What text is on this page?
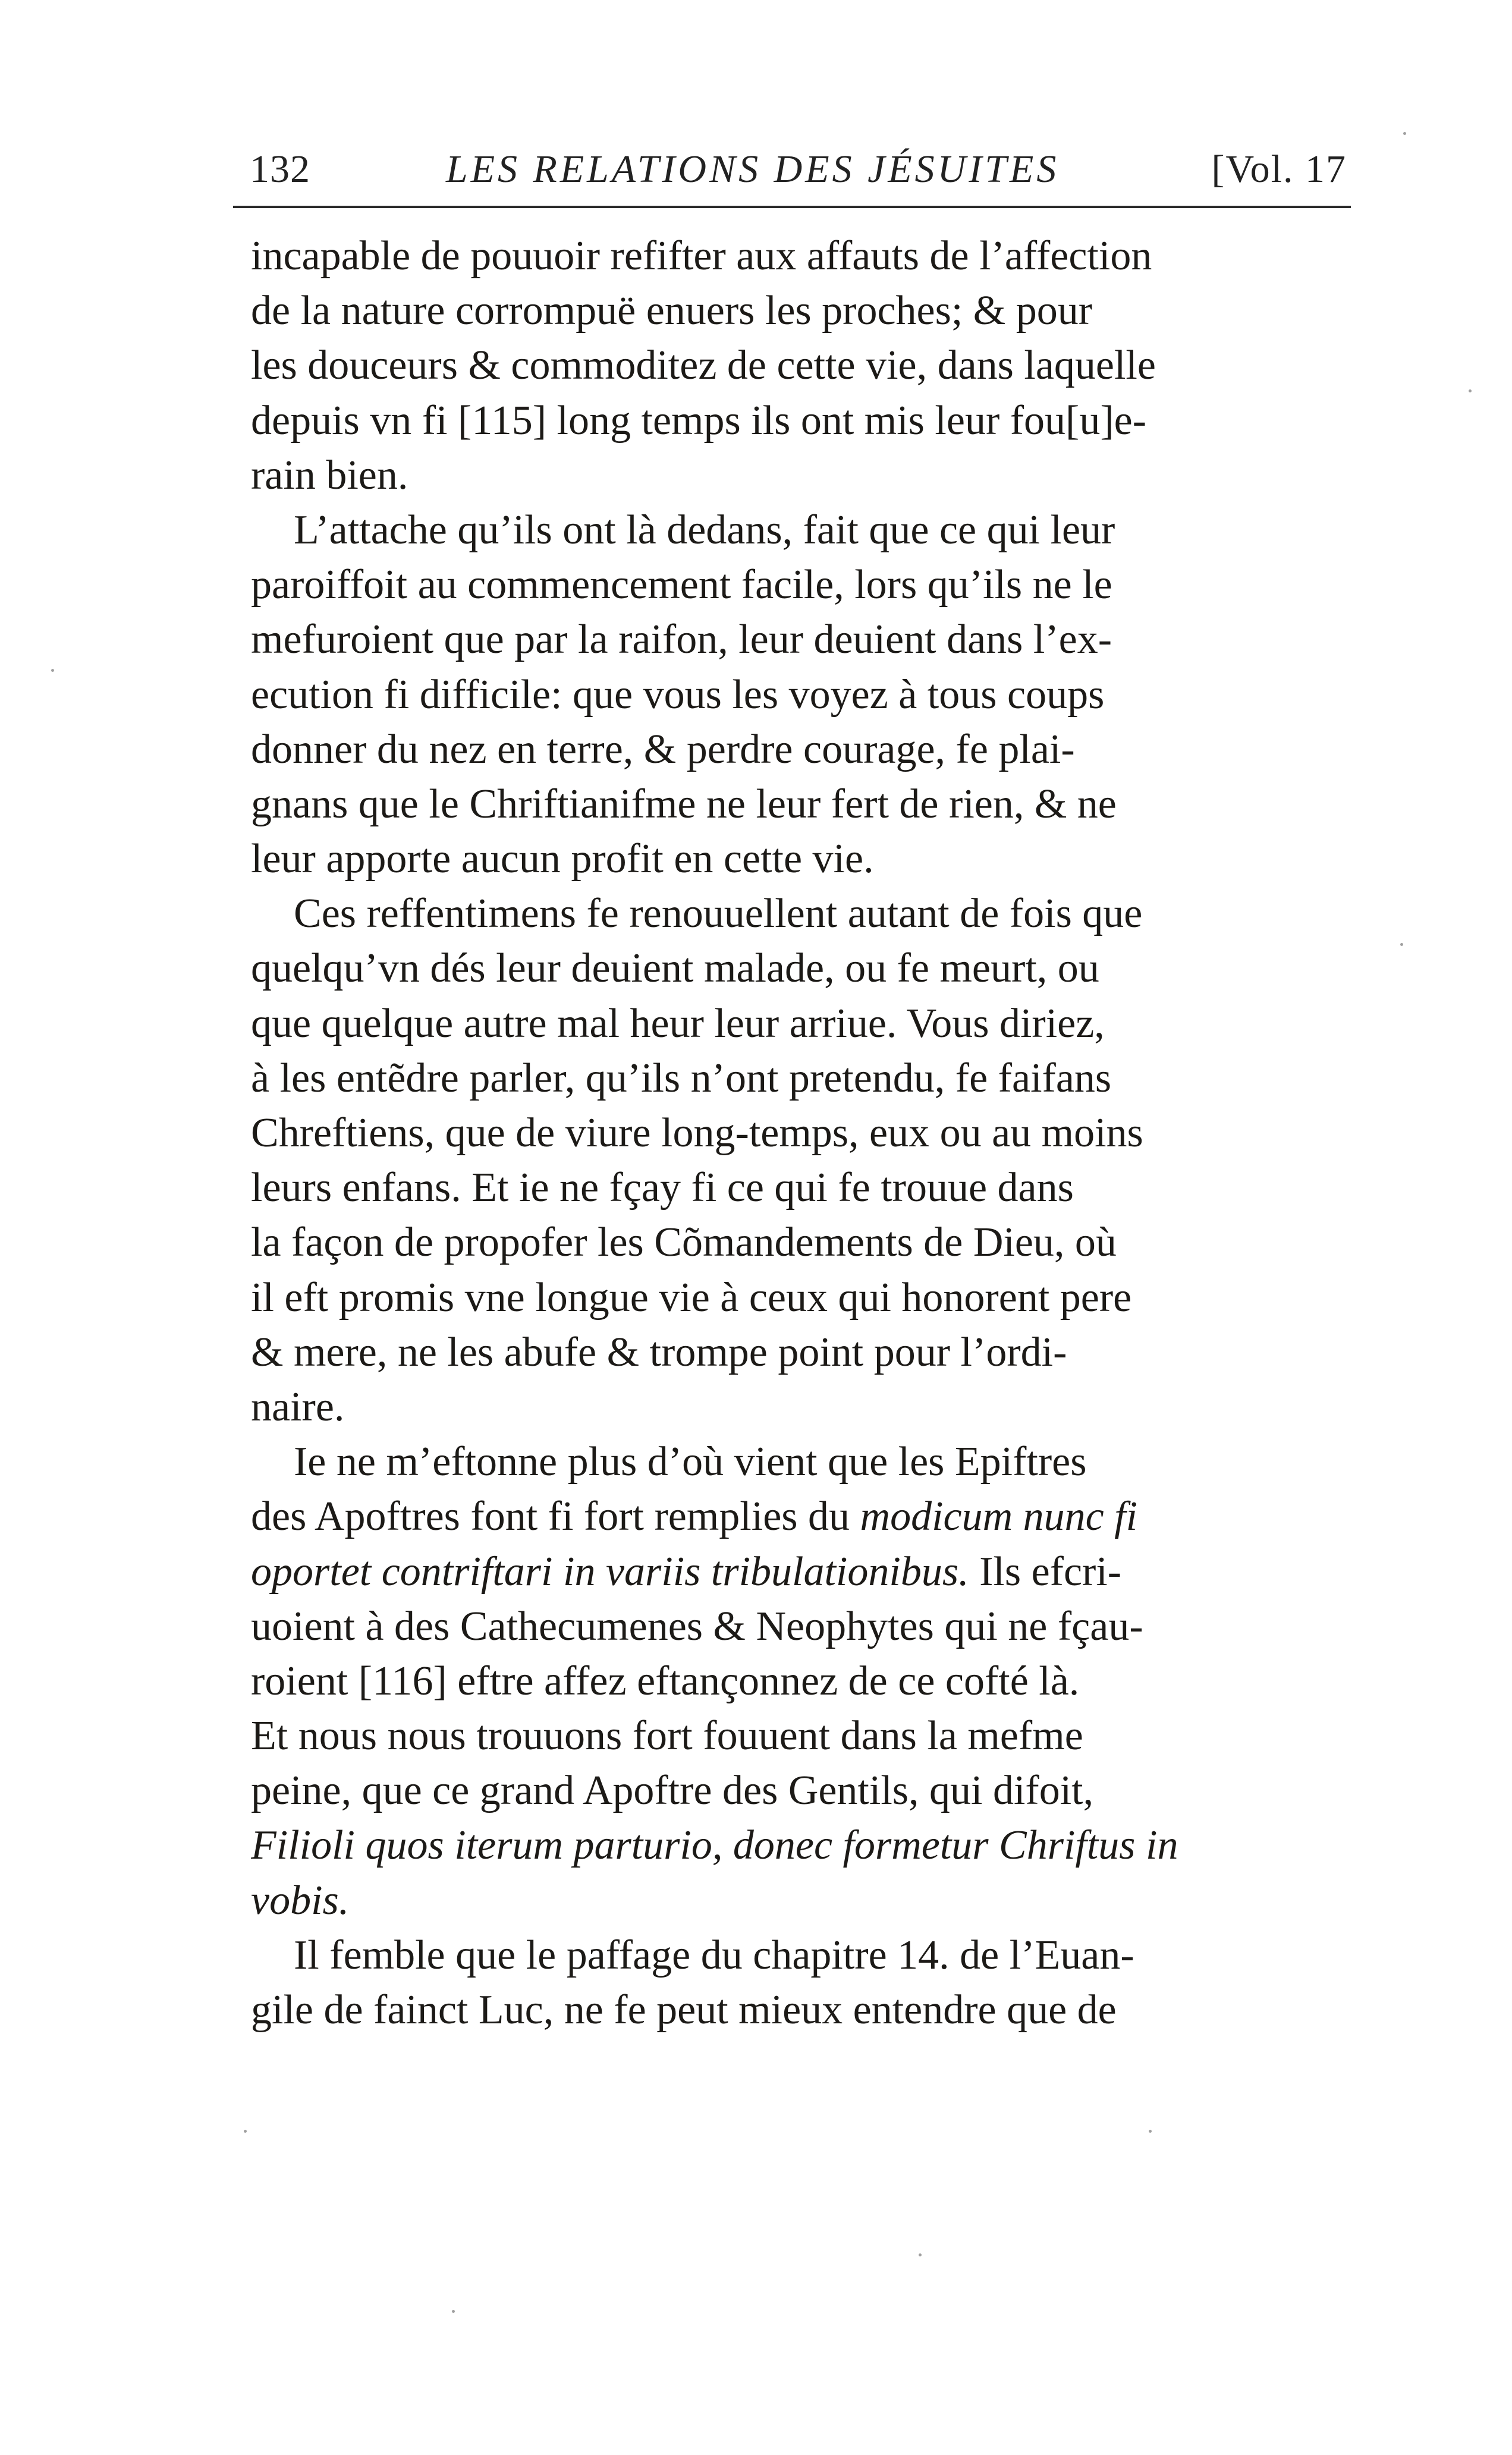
132	LES RELATIONS DES JÉSUITES	[Vol. 17
incapable de pouuoir refifter aux affauts de l’affection
de la nature corrompuë enuers les proches; & pour
les douceurs & commoditez de cette vie, dans laquelle
depuis vn fi [115] long temps ils ont mis leur fou[u]e-
rain bien.
L’attache qu’ils ont là dedans, fait que ce qui leur
paroiffoit au commencement facile, lors qu’ils ne le
mefuroient que par la raifon, leur deuient dans l’ex-
ecution fi difficile: que vous les voyez à tous coups
donner du nez en terre, & perdre courage, fe plai-
gnans que le Chriftianifme ne leur fert de rien, & ne
leur apporte aucun profit en cette vie.
Ces reffentimens fe renouuellent autant de fois que
quelqu’vn dés leur deuient malade, ou fe meurt, ou
que quelque autre mal heur leur arriue. Vous diriez,
à les entẽdre parler, qu’ils n’ont pretendu, fe faifans
Chreftiens, que de viure long-temps, eux ou au moins
leurs enfans. Et ie ne fçay fi ce qui fe trouue dans
la façon de propofer les Cõmandements de Dieu, où
il eft promis vne longue vie à ceux qui honorent pere
& mere, ne les abufe & trompe point pour l’ordi-
naire.
Ie ne m’eftonne plus d’où vient que les Epiftres
des Apoftres font fi fort remplies du modicum nunc fi
oportet contriftari in variis tribulationibus. Ils efcri-
uoient à des Cathecumenes & Neophytes qui ne fçau-
roient [116] eftre affez eftançonnez de ce cofté là.
Et nous nous trouuons fort fouuent dans la mefme
peine, que ce grand Apoftre des Gentils, qui difoit,
Filioli quos iterum parturio, donec formetur Chriftus in
vobis.
Il femble que le paffage du chapitre 14. de l’Euan-
gile de fainct Luc, ne fe peut mieux entendre que de
